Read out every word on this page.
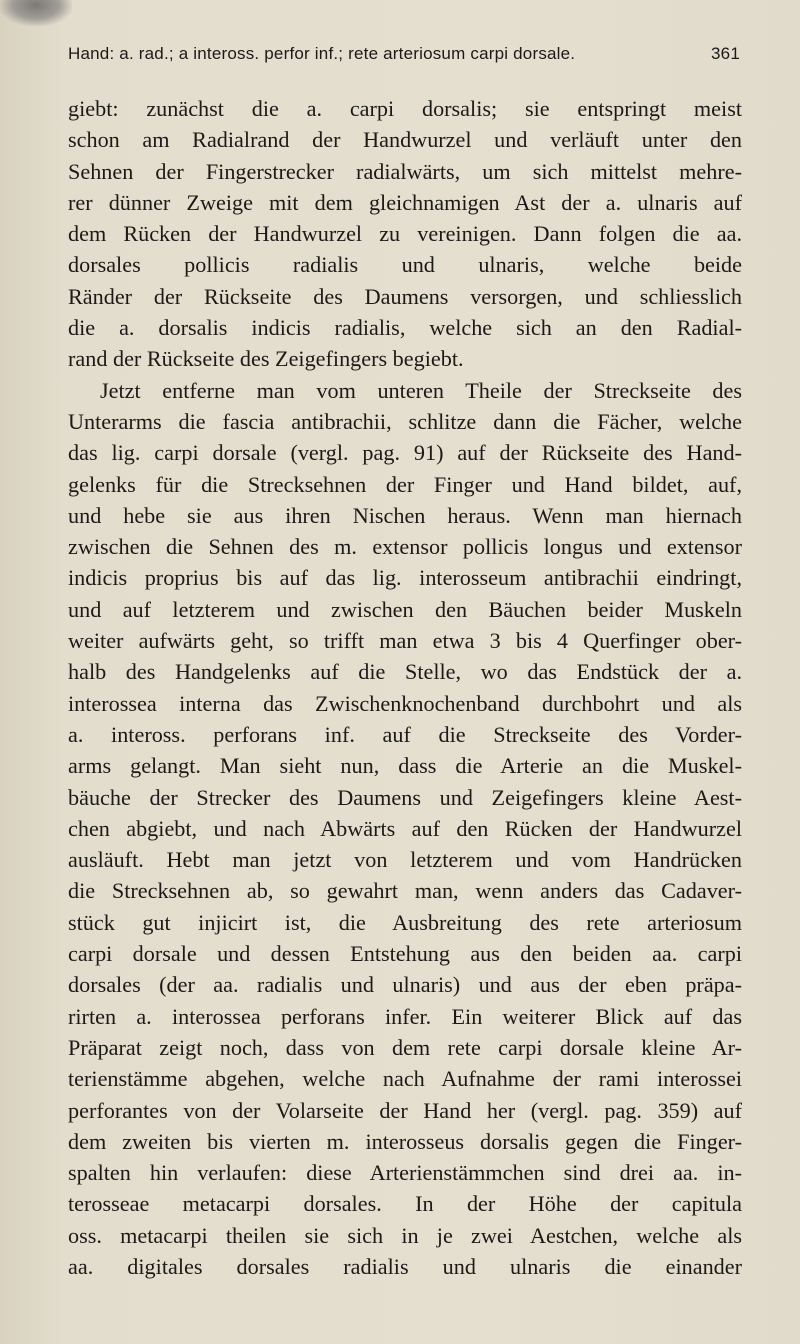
Hand: a. rad.; a inteross. perfor inf.; rete arteriosum carpi dorsale.	361
giebt: zunächst die a. carpi dorsalis; sie entspringt meist
schon am Radialrand der Handwurzel und verläuft unter den
Sehnen der Fingerstrecker radialwärts, um sich mittelst mehre-
rer dünner Zweige mit dem gleichnamigen Ast der a. ulnaris auf
dem Rücken der Handwurzel zu vereinigen. Dann folgen die aa.
dorsales pollicis radialis und ulnaris, welche beide
Ränder der Rückseite des Daumens versorgen, und schliesslich
die a. dorsalis indicis radialis, welche sich an den Radial-
rand der Rückseite des Zeigefingers begiebt.
Jetzt entferne man vom unteren Theile der Streckseite des
Unterarms die fascia antibrachii, schlitze dann die Fächer, welche
das lig. carpi dorsale (vergl. pag. 91) auf der Rückseite des Hand-
gelenks für die Strecksehnen der Finger und Hand bildet, auf,
und hebe sie aus ihren Nischen heraus. Wenn man hiernach
zwischen die Sehnen des m. extensor pollicis longus und extensor
indicis proprius bis auf das lig. interosseum antibrachii eindringt,
und auf letzterem und zwischen den Bäuchen beider Muskeln
weiter aufwärts geht, so trifft man etwa 3 bis 4 Querfinger ober-
halb des Handgelenks auf die Stelle, wo das Endstück der a.
interossea interna das Zwischenknochenband durchbohrt und als
a. inteross. perforans inf. auf die Streckseite des Vorder-
arms gelangt. Man sieht nun, dass die Arterie an die Muskel-
bäuche der Strecker des Daumens und Zeigefingers kleine Aest-
chen abgiebt, und nach Abwärts auf den Rücken der Handwurzel
ausläuft. Hebt man jetzt von letzterem und vom Handrücken
die Strecksehnen ab, so gewahrt man, wenn anders das Cadaver-
stück gut injicirt ist, die Ausbreitung des rete arteriosum
carpi dorsale und dessen Entstehung aus den beiden aa. carpi
dorsales (der aa. radialis und ulnaris) und aus der eben präpa-
rirten a. interossea perforans infer. Ein weiterer Blick auf das
Präparat zeigt noch, dass von dem rete carpi dorsale kleine Ar-
terienstämme abgehen, welche nach Aufnahme der rami interossei
perforantes von der Volarseite der Hand her (vergl. pag. 359) auf
dem zweiten bis vierten m. interosseus dorsalis gegen die Finger-
spalten hin verlaufen: diese Arterienstämmchen sind drei aa. in-
terosseae metacarpi dorsales. In der Höhe der capitula
oss. metacarpi theilen sie sich in je zwei Aestchen, welche als
aa. digitales dorsales radialis und ulnaris die einander
